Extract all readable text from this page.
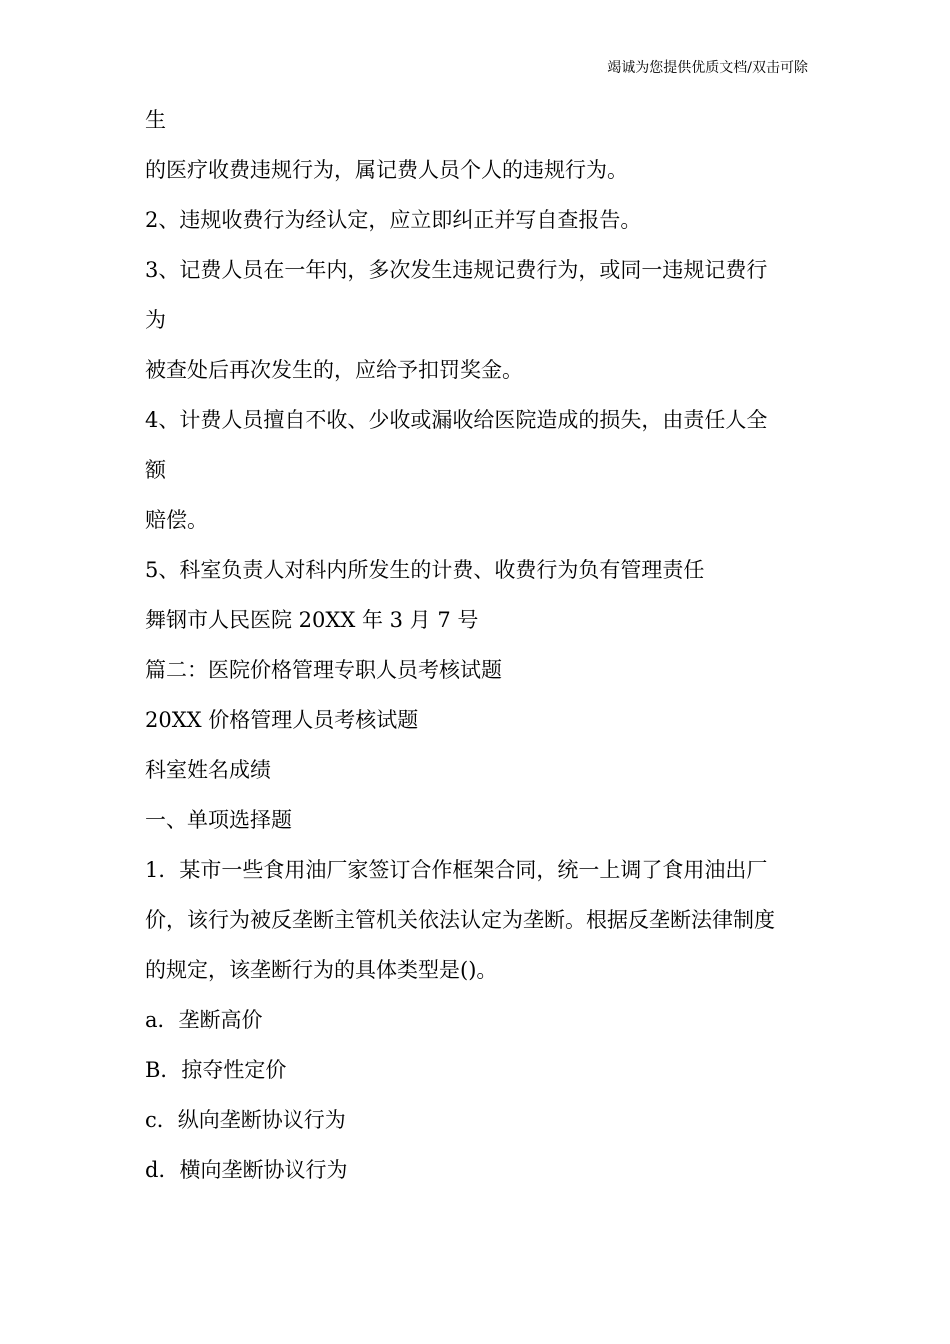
竭诚为您提供优质文档/双击可除
生
的医疗收费违规行为，属记费人员个人的违规行为。
2、违规收费行为经认定，应立即纠正并写自查报告。
3、记费人员在一年内，多次发生违规记费行为，或同一违规记费行
为
被查处后再次发生的，应给予扣罚奖金。
4、计费人员擅自不收、少收或漏收给医院造成的损失，由责任人全
额
赔偿。
5、科室负责人对科内所发生的计费、收费行为负有管理责任
舞钢市人民医院 20XX 年 3 月 7 号
篇二：医院价格管理专职人员考核试题
20XX 价格管理人员考核试题
科室姓名成绩
一、单项选择题
1．某市一些食用油厂家签订合作框架合同，统一上调了食用油出厂
价，该行为被反垄断主管机关依法认定为垄断。根据反垄断法律制度
的规定，该垄断行为的具体类型是()。
a．垄断高价
B．掠夺性定价
c．纵向垄断协议行为
d．横向垄断协议行为
